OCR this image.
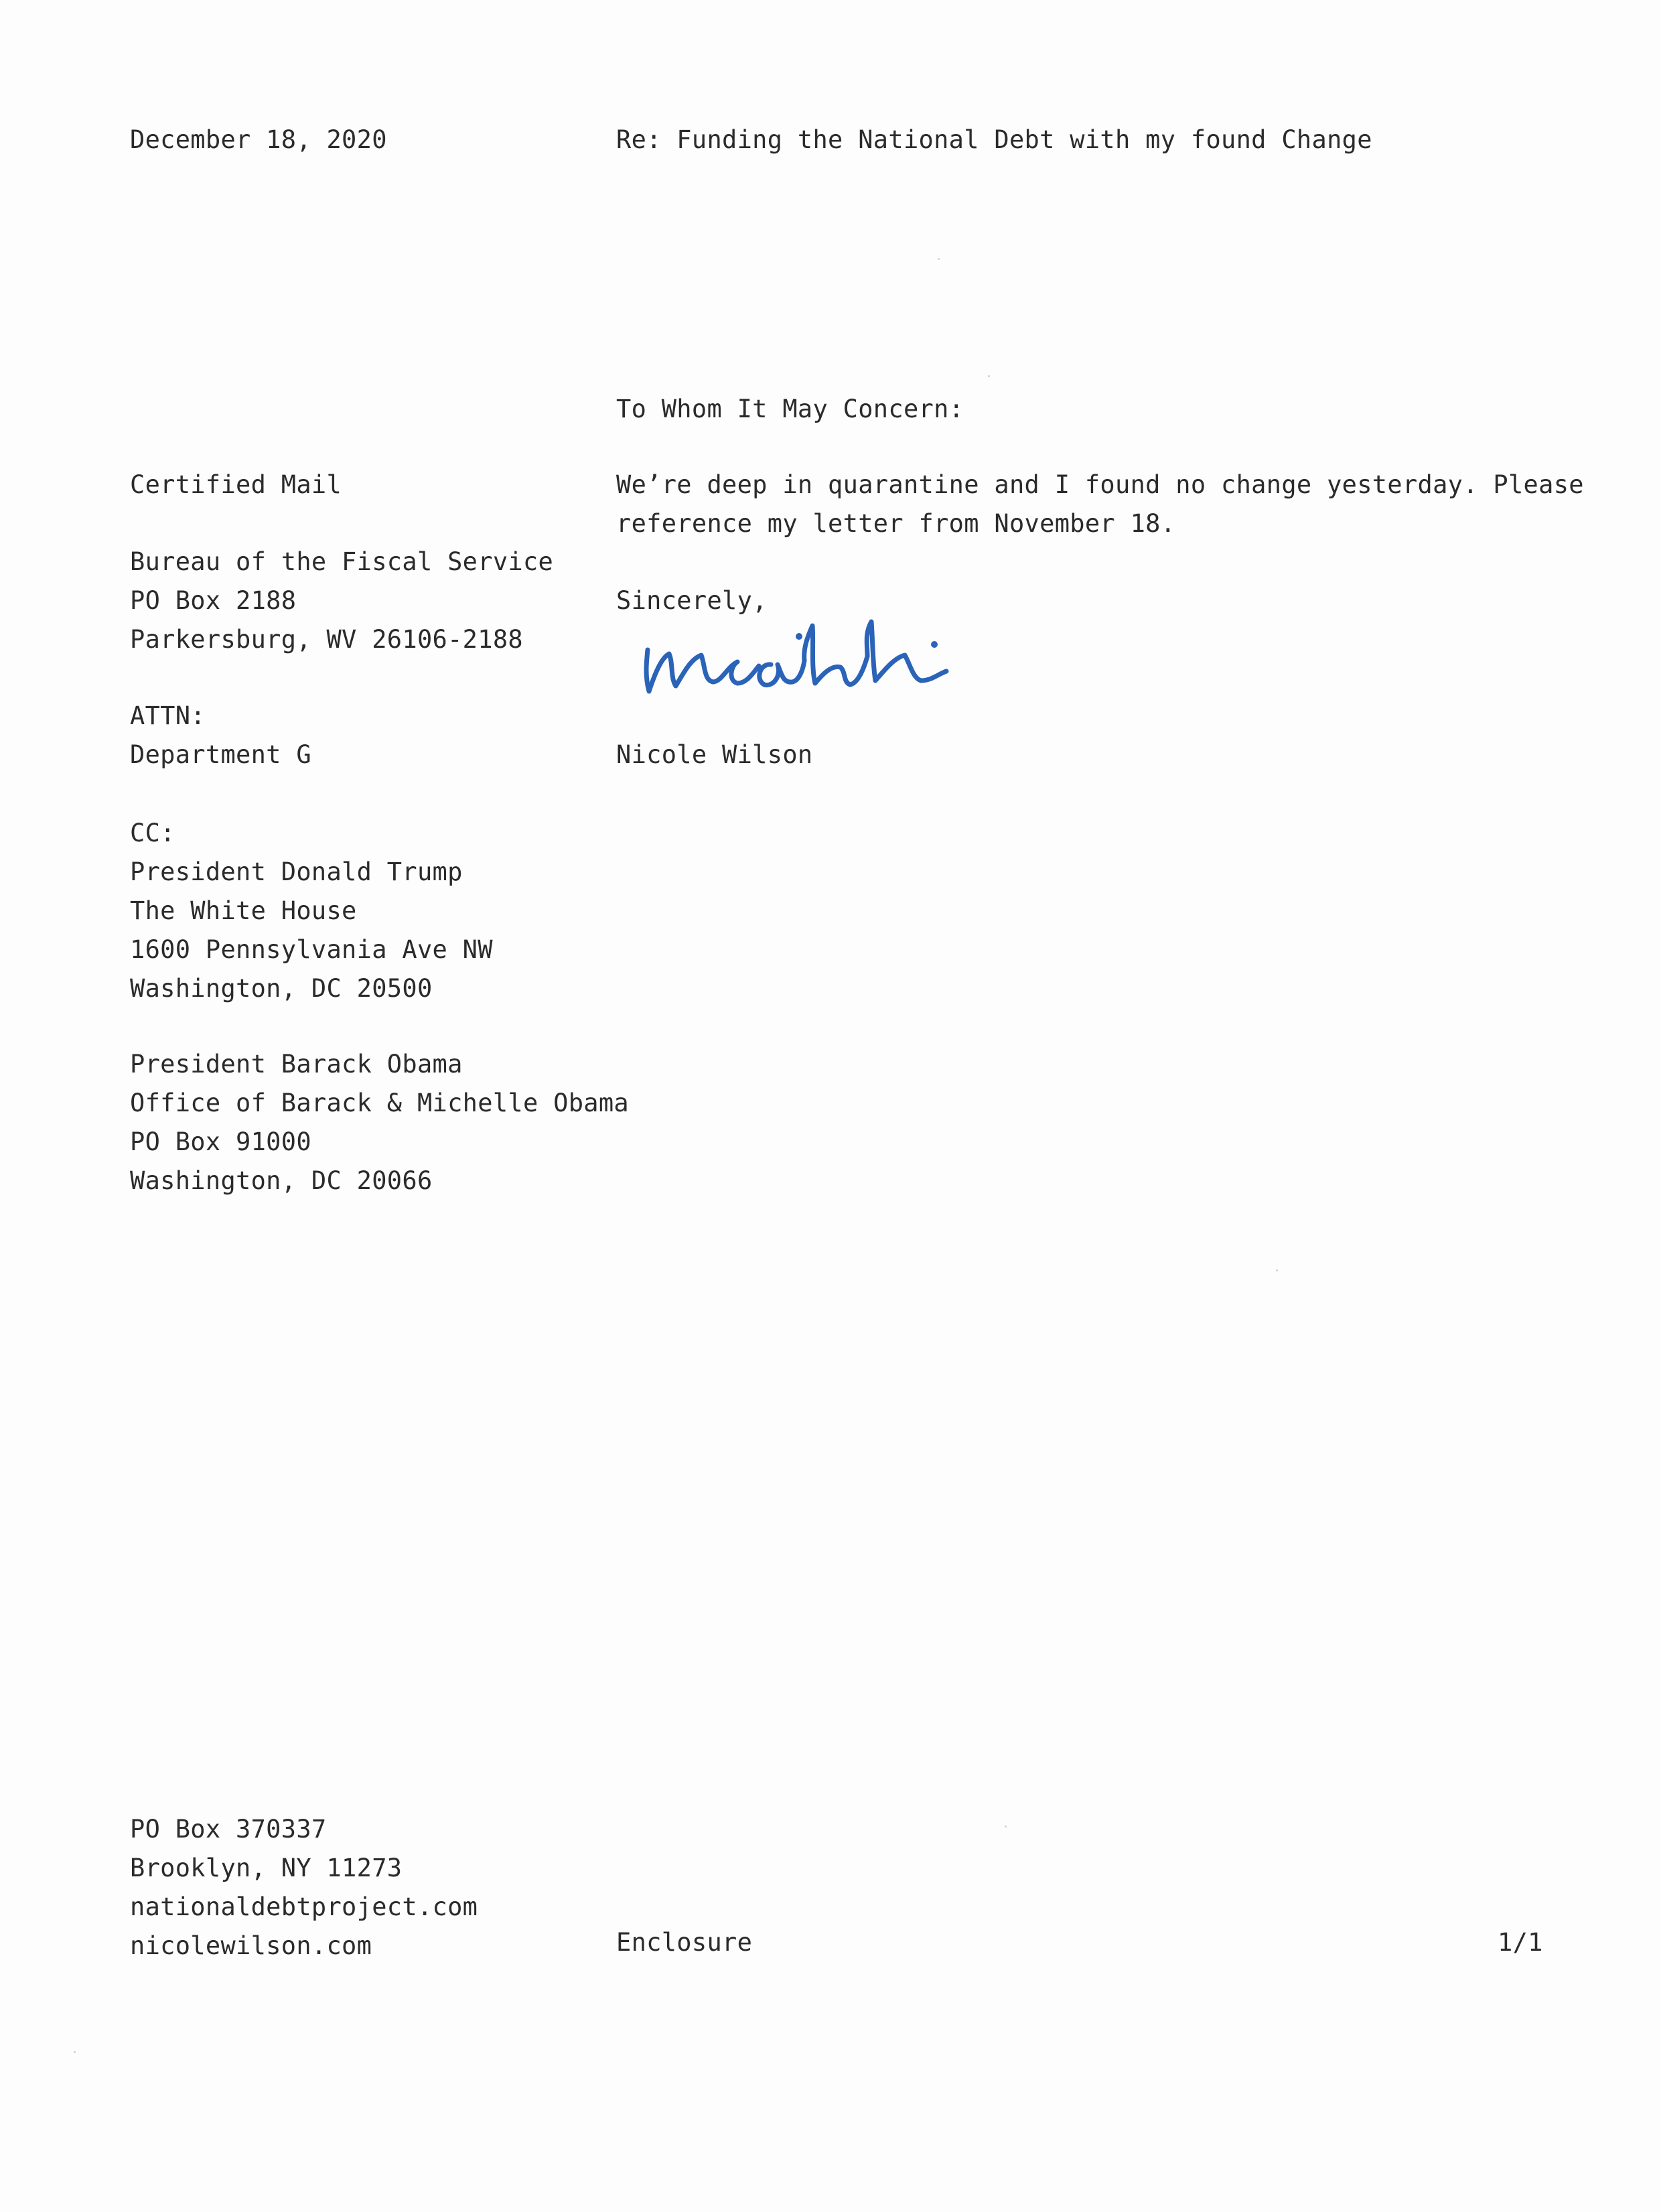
December 18, 2020	Re: Funding the National Debt with my found Change
To Whom It May Concern:
Certified Mail
Bureau of the Fiscal Service
PO Box 2188
Parkersburg, WV 26106-2188
ATTN:
Department G
CC:
President Donald Trump
The White House
1600 Pennsylvania Ave NW
Washington, DC 20500
President Barack Obama
Office of Barack & Michelle Obama
PO Box 91000
Washington, DC 20066
We’re deep in quarantine and I found no change yesterday. Please
reference my letter from November 18.
Sincerely,
Nicole Wilson
PO Box 370337
Brooklyn, NY 11273
nationaldebtproject.com
nicolewilson.com	Enclosure	1/1
